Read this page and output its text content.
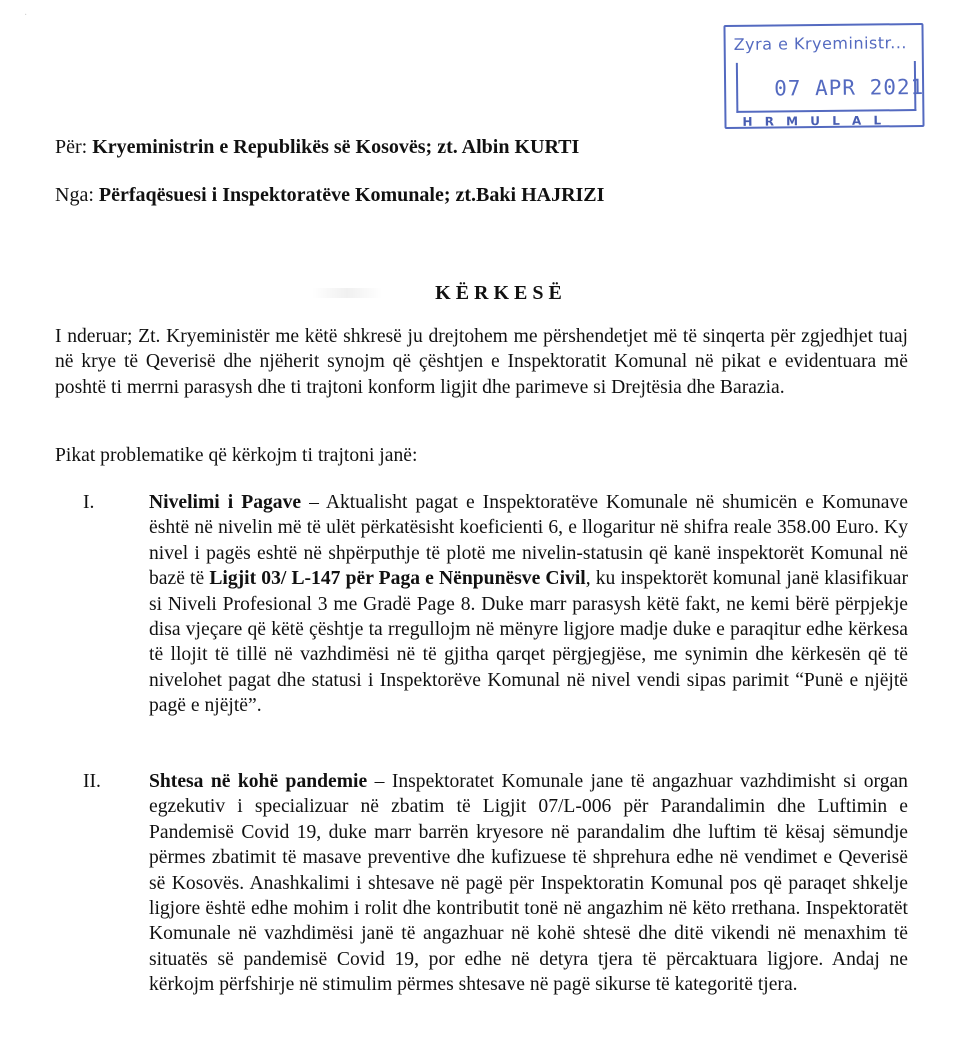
·
Zyra e Kryeministr...
07 APR 2021
H R M U L A L
Për: Kryeministrin e Republikës së Kosovës; zt. Albin KURTI
Nga: Përfaqësuesi i Inspektoratëve Komunale; zt.Baki HAJRIZI
KËRKESË

I nderuar; Zt. Kryeministër me këtë shkresë ju drejtohem me përshendetjet më të sinqerta për zgjedhjet tuaj në krye të Qeverisë dhe njëherit synojm që çështjen e Inspektoratit Komunal në pikat e evidentuara më poshtë ti merrni parasysh dhe ti trajtoni konform ligjit dhe parimeve si Drejtësia dhe Barazia.

Pikat problematike që kërkojm ti trajtoni janë:

I.	Nivelimi i Pagave – Aktualisht pagat e Inspektoratëve Komunale në shumicën e Komunave është në nivelin më të ulët përkatësisht koeficienti 6, e llogaritur në shifra reale 358.00 Euro. Ky nivel i pagës eshtë në shpërputhje të plotë me nivelin-statusin që kanë inspektorët Komunal në bazë të Ligjit 03/ L-147 për Paga e Nënpunësve Civil, ku inspektorët komunal janë klasifikuar si Niveli Profesional 3 me Gradë Page 8. Duke marr parasysh këtë fakt, ne kemi bërë përpjekje disa vjeçare që këtë çështje ta rregullojm në mënyre ligjore madje duke e paraqitur edhe kërkesa të llojit të tillë në vazhdimësi në të gjitha qarqet përgjegjëse, me synimin dhe kërkesën që të nivelohet pagat dhe statusi i Inspektorëve Komunal në nivel vendi sipas parimit “Punë e njëjtë pagë e njëjtë”.

II. Shtesa në kohë pandemie – Inspektoratet Komunale jane të angazhuar vazhdimisht si organ egzekutiv i specializuar në zbatim të Ligjit 07/L-006 për Parandalimin dhe Luftimin e Pandemisë Covid 19, duke marr barrën kryesore në parandalim dhe luftim të kësaj sëmundje përmes zbatimit të masave preventive dhe kufizuese të shprehura edhe në vendimet e Qeverisë së Kosovës. Anashkalimi i shtesave në pagë për Inspektoratin Komunal pos që paraqet shkelje ligjore është edhe mohim i rolit dhe kontributit tonë në angazhim në këto rrethana. Inspektoratët Komunale në vazhdimësi janë të angazhuar në kohë shtesë dhe ditë vikendi në menaxhim të situatës së pandemisë Covid 19, por edhe në detyra tjera të përcaktuara ligjore. Andaj ne kërkojm përfshirje në stimulim përmes shtesave në pagë sikurse të kategoritë tjera.
